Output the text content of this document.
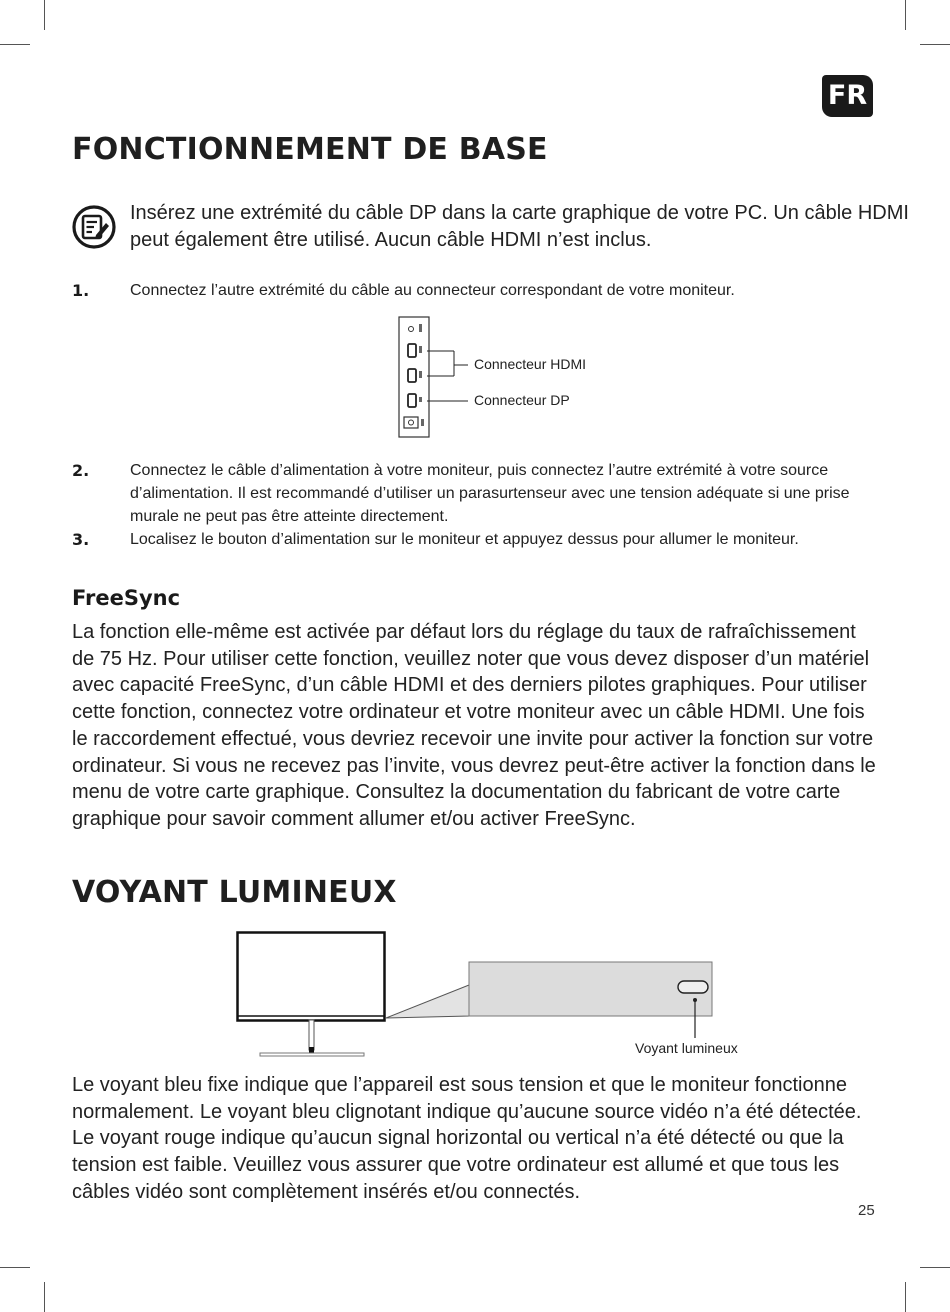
FR
FONCTIONNEMENT DE BASE
Insérez une extrémité du câble DP dans la carte graphique de votre PC. Un câble HDMI peut également être utilisé. Aucun câble HDMI n’est inclus.
1.	Connectez l’autre extrémité du câble au connecteur correspondant de votre moniteur.
Connecteur HDMI
Connecteur DP
2.	Connectez le câble d’alimentation à votre moniteur, puis connectez l’autre extrémité à votre source d’alimentation. Il est recommandé d’utiliser un parasurtenseur avec une tension adéquate si une prise murale ne peut pas être atteinte directement.
3.	Localisez le bouton d’alimentation sur le moniteur et appuyez dessus pour allumer le moniteur.
FreeSync
La fonction elle-même est activée par défaut lors du réglage du taux de rafraîchissement de 75 Hz. Pour utiliser cette fonction, veuillez noter que vous devez disposer d’un matériel avec capacité FreeSync, d’un câble HDMI et des derniers pilotes graphiques. Pour utiliser cette fonction, connectez votre ordinateur et votre moniteur avec un câble HDMI. Une fois le raccordement effectué, vous devriez recevoir une invite pour activer la fonction sur votre ordinateur. Si vous ne recevez pas l’invite, vous devrez peut-être activer la fonction dans le menu de votre carte graphique. Consultez la documentation du fabricant de votre carte graphique pour savoir comment allumer et/ou activer FreeSync.
VOYANT LUMINEUX
Voyant lumineux
Le voyant bleu fixe indique que l’appareil est sous tension et que le moniteur fonctionne normalement. Le voyant bleu clignotant indique qu’aucune source vidéo n’a été détectée. Le voyant rouge indique qu’aucun signal horizontal ou vertical n’a été détecté ou que la tension est faible. Veuillez vous assurer que votre ordinateur est allumé et que tous les câbles vidéo sont complètement insérés et/ou connectés.
25
